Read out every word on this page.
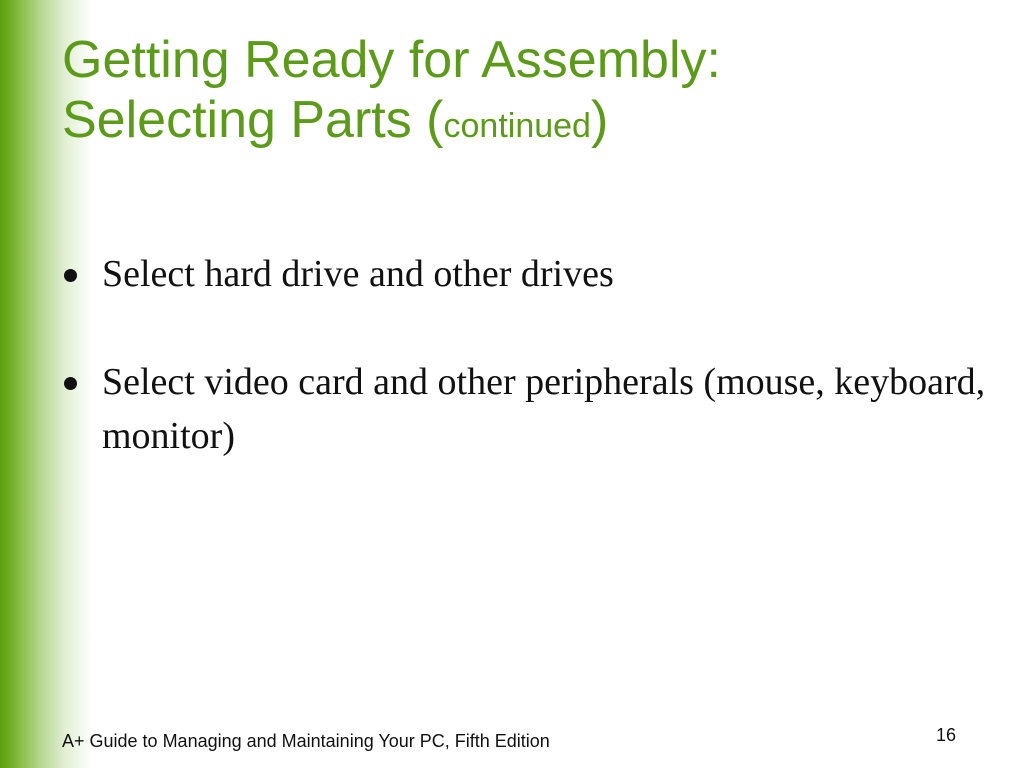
Getting Ready for Assembly:
Selecting Parts (continued)
Select hard drive and other drives
Select video card and other peripherals (mouse, keyboard, monitor)
A+ Guide to Managing and Maintaining Your PC, Fifth Edition	16
